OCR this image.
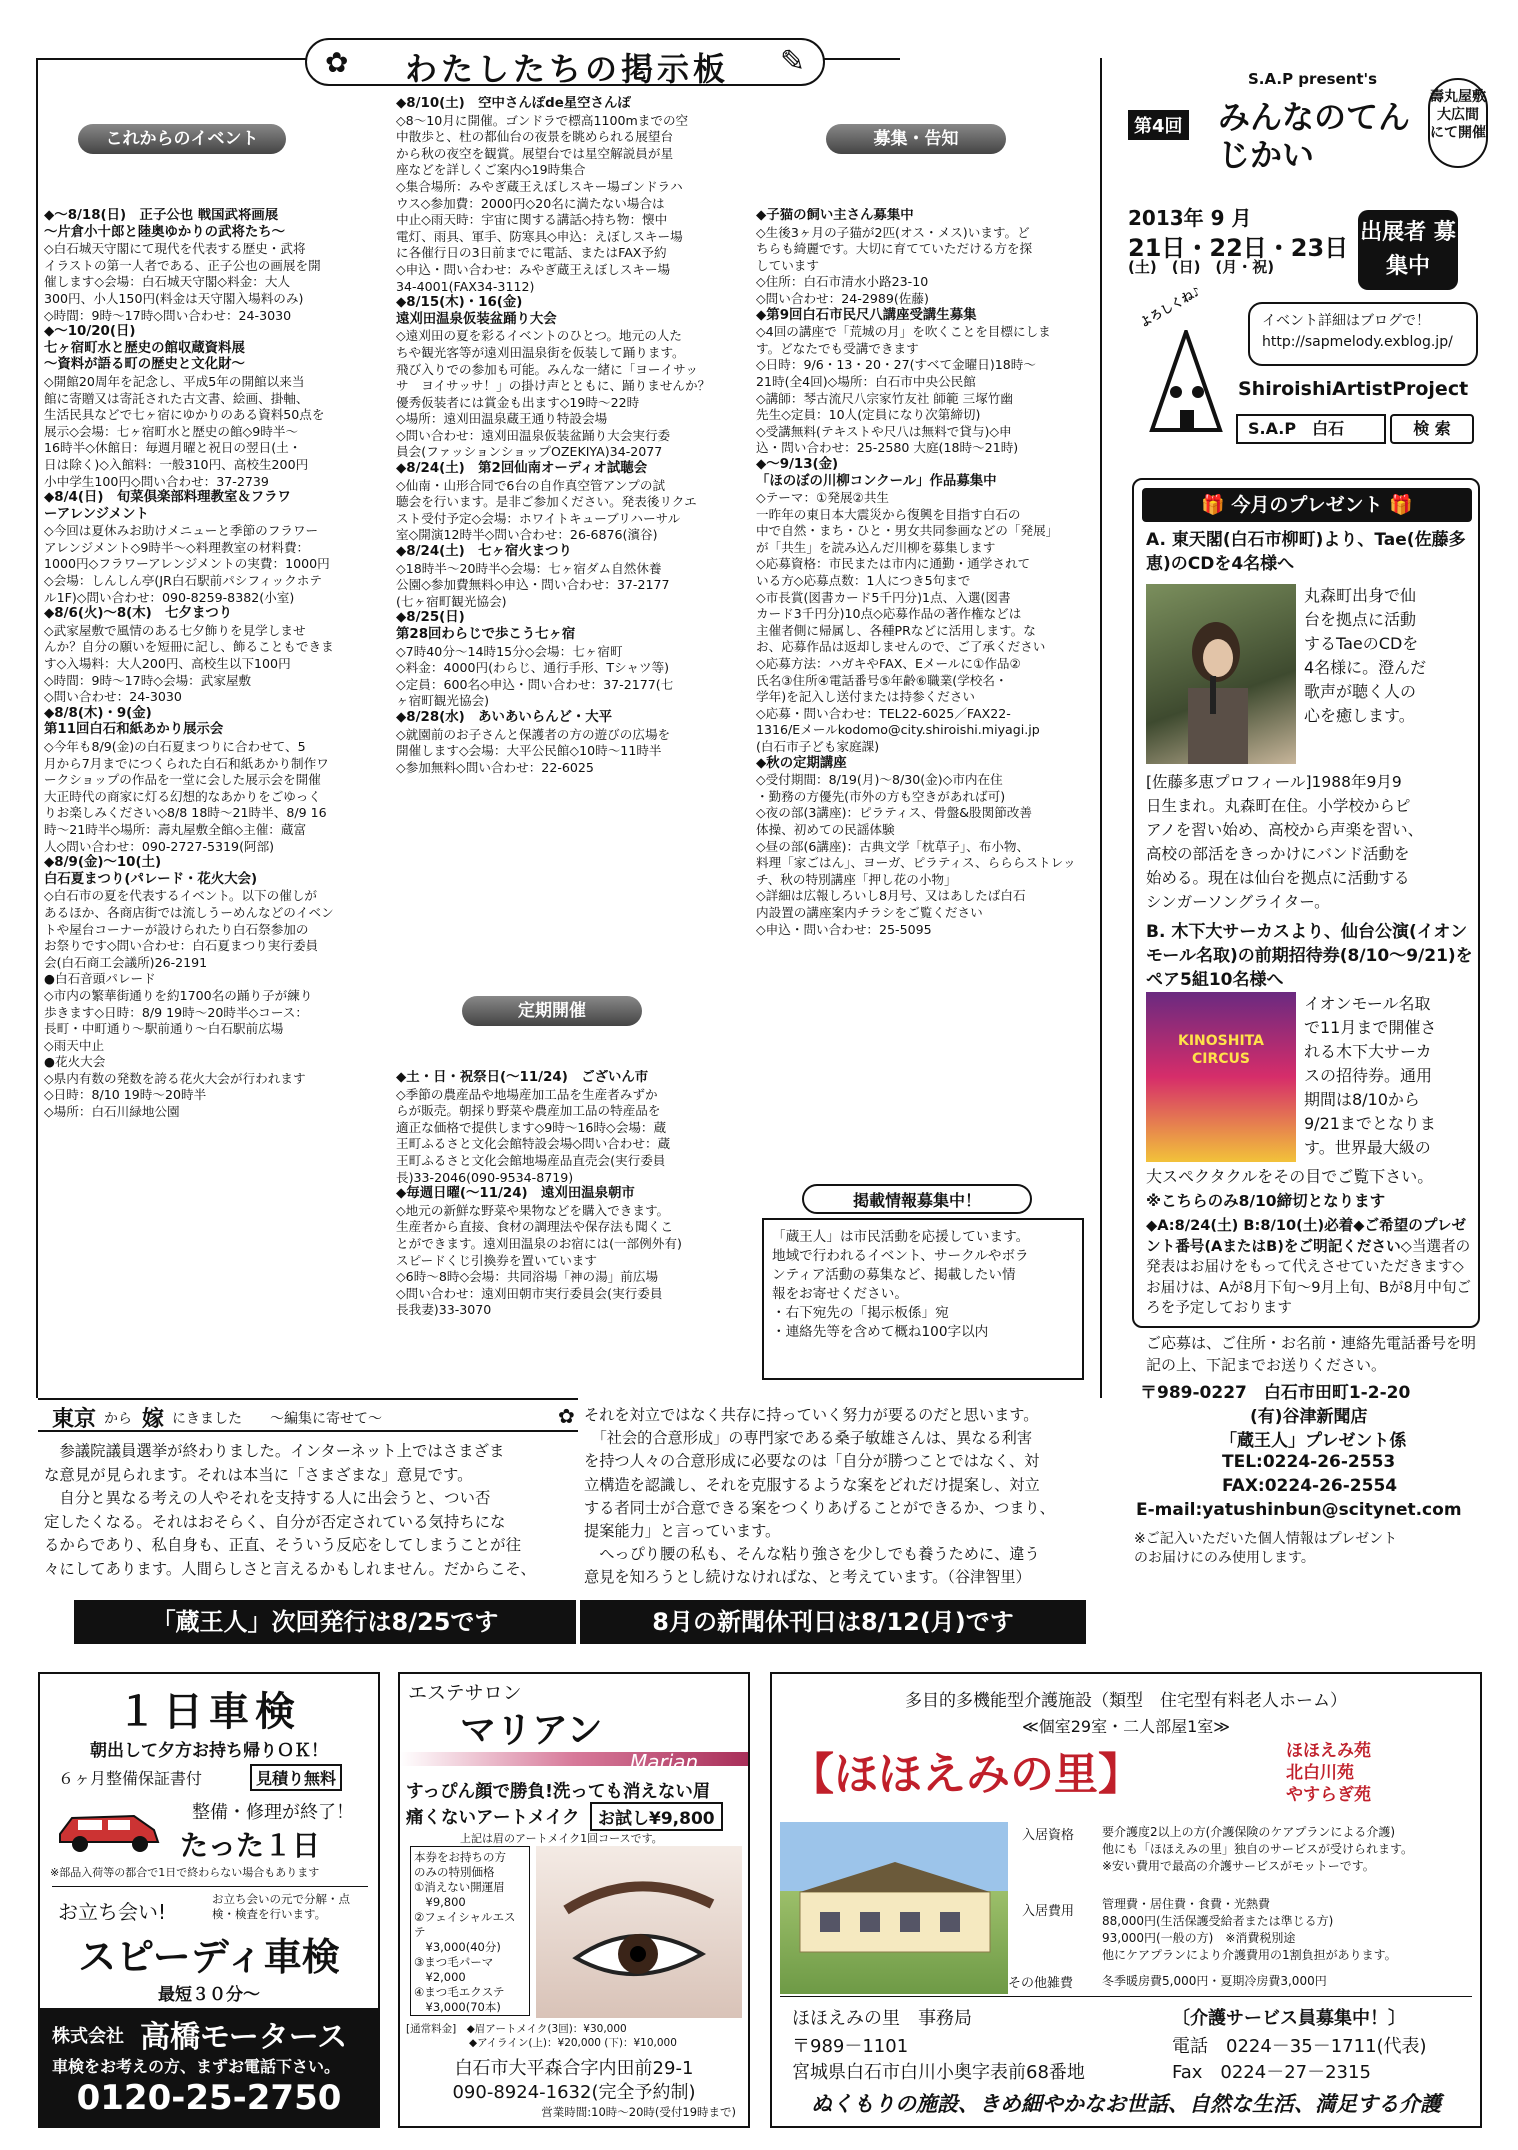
✿	わたしたちの掲示板	✎
これからのイベント	募集・告知
定期開催
掲載情報募集中！
◆～8/18(日)　正子公也 戦国武将画展
～片倉小十郎と陸奥ゆかりの武将たち～
◇白石城天守閣にて現代を代表する歴史・武将
イラストの第一人者である、正子公也の画展を開
催します◇会場：白石城天守閣◇料金：大人
300円、小人150円(料金は天守閣入場料のみ)
◇時間：9時～17時◇問い合わせ：24-3030
◆～10/20(日)
七ヶ宿町水と歴史の館収蔵資料展
～資料が語る町の歴史と文化財～
◇開館20周年を記念し、平成5年の開館以来当
館に寄贈又は寄託された古文書、絵画、掛軸、
生活民具などで七ヶ宿にゆかりのある資料50点を
展示◇会場：七ヶ宿町水と歴史の館◇9時半～
16時半◇休館日：毎週月曜と祝日の翌日(土・
日は除く)◇入館料：一般310円、高校生200円
小中学生100円◇問い合わせ：37-2739
◆8/4(日)　旬菜倶楽部料理教室＆フラワ
ーアレンジメント
◇今回は夏休みお助けメニューと季節のフラワー
アレンジメント◇9時半～◇料理教室の材料費：
1000円◇フラワーアレンジメントの実費：1000円
◇会場：しんしん亭(JR白石駅前パシフィックホテ
ル1F)◇問い合わせ：090-8259-8382(小室)
◆8/6(火)～8(木)　七夕まつり
◇武家屋敷で風情のある七夕飾りを見学しませ
んか？自分の願いを短冊に記し、飾ることもできま
す◇入場料：大人200円、高校生以下100円
◇時間：9時～17時◇会場：武家屋敷
◇問い合わせ：24-3030
◆8/8(木)・9(金)
第11回白石和紙あかり展示会
◇今年も8/9(金)の白石夏まつりに合わせて、5
月から7月までにつくられた白石和紙あかり制作ワ
ークショップの作品を一堂に会した展示会を開催
大正時代の商家に灯る幻想的なあかりをごゆっく
りお楽しみください◇8/8 18時～21時半、8/9 16
時～21時半◇場所：壽丸屋敷全館◇主催：蔵富
人◇問い合わせ：090-2727-5319(阿部)
◆8/9(金)～10(土)
白石夏まつり(パレード・花火大会)
◇白石市の夏を代表するイベント。以下の催しが
あるほか、各商店街では流しうーめんなどのイベン
トや屋台コーナーが設けられたり白石祭参加の
お祭りです◇問い合わせ：白石夏まつり実行委員
会(白石商工会議所)26-2191
●白石音頭パレード
◇市内の繁華街通りを約1700名の踊り子が練り
歩きます◇日時：8/9 19時～20時半◇コース：
長町・中町通り～駅前通り～白石駅前広場
◇雨天中止
●花火大会
◇県内有数の発数を誇る花火大会が行われます
◇日時：8/10 19時～20時半
◇場所：白石川緑地公園
◆8/10(土)　空中さんぽde星空さんぽ
◇8～10月に開催。ゴンドラで標高1100mまでの空
中散歩と、杜の都仙台の夜景を眺められる展望台
から秋の夜空を観賞。展望台では星空解説員が星
座などを詳しくご案内◇19時集合
◇集合場所：みやぎ蔵王えぼしスキー場ゴンドラハ
ウス◇参加費：2000円◇20名に満たない場合は
中止◇雨天時：宇宙に関する講話◇持ち物：懐中
電灯、雨具、軍手、防寒具◇申込：えぼしスキー場
に各催行日の3日前までに電話、またはFAX予約
◇申込・問い合わせ：みやぎ蔵王えぼしスキー場
34-4001(FAX34-3112)
◆8/15(木)・16(金)
遠刈田温泉仮装盆踊り大会
◇遠刈田の夏を彩るイベントのひとつ。地元の人た
ちや観光客等が遠刈田温泉街を仮装して踊ります。
飛び入りでの参加も可能。みんな一緒に「ヨーイサッ
サ　ヨイサッサ！」の掛け声とともに、踊りませんか？
優秀仮装者には賞金も出ます◇19時～22時
◇場所：遠刈田温泉蔵王通り特設会場
◇問い合わせ：遠刈田温泉仮装盆踊り大会実行委
員会(ファッションショップOZEKIYA)34-2077
◆8/24(土)　第2回仙南オーディオ試聴会
◇仙南・山形合同で6台の自作真空管アンプの試
聴会を行います。是非ご参加ください。発表後リクエ
スト受付予定◇会場：ホワイトキューブリハーサル
室◇開演12時半◇問い合わせ：26-6876(濱谷)
◆8/24(土)　七ヶ宿火まつり
◇18時半～20時半◇会場：七ヶ宿ダム自然休養
公園◇参加費無料◇申込・問い合わせ：37-2177
(七ヶ宿町観光協会)
◆8/25(日)
第28回わらじで歩こう七ヶ宿
◇7時40分～14時15分◇会場：七ヶ宿町
◇料金：4000円(わらじ、通行手形、Tシャツ等)
◇定員：600名◇申込・問い合わせ：37-2177(七
ヶ宿町観光協会)
◆8/28(水)　あいあいらんど・大平
◇就園前のお子さんと保護者の方の遊びの広場を
開催します◇会場：大平公民館◇10時～11時半
◇参加無料◇問い合わせ：22-6025
◆土・日・祝祭日(～11/24)　ございん市
◇季節の農産品や地場産加工品を生産者みずか
らが販売。朝採り野菜や農産加工品の特産品を
適正な価格で提供します◇9時～16時◇会場：蔵
王町ふるさと文化会館特設会場◇問い合わせ：蔵
王町ふるさと文化会館地場産品直売会(実行委員
長)33-2046(090-9534-8719)
◆毎週日曜(～11/24)　遠刈田温泉朝市
◇地元の新鮮な野菜や果物などを購入できます。
生産者から直接、食材の調理法や保存法も聞くこ
とができます。遠刈田温泉のお宿には(一部例外有)
スピードくじ引換券を置いています
◇6時～8時◇会場：共同浴場「神の湯」前広場
◇問い合わせ：遠刈田朝市実行委員会(実行委員
長我妻)33-3070
◆子猫の飼い主さん募集中
◇生後3ヶ月の子猫が2匹(オス・メス)います。ど
ちらも綺麗です。大切に育てていただける方を探
しています
◇住所：白石市清水小路23-10
◇問い合わせ：24-2989(佐藤)
◆第9回白石市民尺八講座受講生募集
◇4回の講座で「荒城の月」を吹くことを目標にしま
す。どなたでも受講できます
◇日時：9/6・13・20・27(すべて金曜日)18時～
21時(全4回)◇場所：白石市中央公民館
◇講師：琴古流尺八宗家竹友社 師範 三塚竹幽
先生◇定員：10人(定員になり次第締切)
◇受講無料(テキストや尺八は無料で貸与)◇申
込・問い合わせ：25-2580 大庭(18時～21時)
◆～9/13(金)
「ほのぼの川柳コンクール」作品募集中
◇テーマ：①発展②共生
一昨年の東日本大震災から復興を目指す白石の
中で自然・まち・ひと・男女共同参画などの「発展」
が「共生」を読み込んだ川柳を募集します
◇応募資格：市民または市内に通勤・通学されて
いる方◇応募点数：1人につき5句まで
◇市長賞(図書カード5千円分)1点、入選(図書
カード3千円分)10点◇応募作品の著作権などは
主催者側に帰属し、各種PRなどに活用します。な
お、応募作品は返却しませんので、ご了承ください
◇応募方法：ハガキやFAX、Eメールに①作品②
氏名③住所④電話番号⑤年齢⑥職業(学校名・
学年)を記入し送付または持参ください
◇応募・問い合わせ：TEL22-6025／FAX22-
1316/Eメールkodomo@city.shiroishi.miyagi.jp
(白石市子ども家庭課)
◆秋の定期講座
◇受付期間：8/19(月)～8/30(金)◇市内在住
・勤務の方優先(市外の方も空きがあれば可)
◇夜の部(3講座)：ピラティス、骨盤&股関節改善
体操、初めての民謡体験
◇昼の部(6講座)：古典文学「枕草子」、布小物、
料理「家ごはん」、ヨーガ、ピラティス、らららストレッ
チ、秋の特別講座「押し花の小物」
◇詳細は広報しろいし8月号、又はあしたば白石
内設置の講座案内チラシをご覧ください
◇申込・問い合わせ：25-5095
「蔵王人」は市民活動を応援しています。
地域で行われるイベント、サークルやボラ
ンティア活動の募集など、掲載したい情
報をお寄せください。
・右下宛先の「掲示板係」宛
・連絡先等を含めて概ね100字以内
S.A.P present's
第4回 みんなのてんじかい
壽丸屋敷 大広間 にて開催
2013年 9 月
21日・22日・23日
(土)　(日)　(月・祝)
出展者 募集中
イベント詳細はブログで！
http://sapmelody.exblog.jp/
よろしくね♪
ShiroishiArtistProject
S.A.P　白石	検 索
🎁 今月のプレゼント 🎁
A. 東天閣(白石市柳町)より、Tae(佐藤多恵)のCDを4名様へ
丸森町出身で仙
台を拠点に活動
するTaeのCDを
4名様に。澄んだ
歌声が聴く人の
心を癒します。
[佐藤多恵プロフィール]1988年9月9
日生まれ。丸森町在住。小学校からピ
アノを習い始め、高校から声楽を習い、
高校の部活をきっかけにバンド活動を
始める。現在は仙台を拠点に活動する
シンガーソングライター。
B. 木下大サーカスより、仙台公演(イオンモール名取)の前期招待券(8/10～9/21)をペア5組10名様へ
KINOSHITA
CIRCUS
イオンモール名取
で11月まで開催さ
れる木下大サーカ
スの招待券。通用
期間は8/10から
9/21までとなりま
す。世界最大級の
大スペクタクルをその目でご覧下さい。
※こちらのみ8/10締切となります
◆A:8/24(土) B:8/10(土)必着◆ご希望のプレゼント番号(AまたはB)をご明記ください◇当選者の発表はお届けをもって代えさせていただきます◇お届けは、Aが8月下旬～9月上旬、Bが8月中旬ごろを予定しております
ご応募は、ご住所・お名前・連絡先電話番号を明記の上、下記までお送りください。
〒989-0227　白石市田町1-2-20
(有)谷津新聞店
「蔵王人」プレゼント係
TEL:0224-26-2553
FAX:0224-26-2554
E-mail:yatushinbun@scitynet.com
※ご記入いただいた個人情報はプレゼント
のお届けにのみ使用します。
東京 から 嫁 にきました ～編集に寄せて～	✿
　参議院議員選挙が終わりました。インターネット上ではさまざま
な意見が見られます。それは本当に「さまざまな」意見です。
　自分と異なる考えの人やそれを支持する人に出会うと、つい否
定したくなる。それはおそらく、自分が否定されている気持ちにな
るからであり、私自身も、正直、そういう反応をしてしまうことが往
々にしてあります。人間らしさと言えるかもしれません。だからこそ、
それを対立ではなく共存に持っていく努力が要るのだと思います。
　「社会的合意形成」の専門家である桑子敏雄さんは、異なる利害
を持つ人々の合意形成に必要なのは「自分が勝つことではなく、対
立構造を認識し、それを克服するような案をどれだけ提案し、対立
する者同士が合意できる案をつくりあげることができるか、つまり、
提案能力」と言っています。
　へっぴり腰の私も、そんな粘り強さを少しでも養うために、違う
意見を知ろうとし続けなければな、と考えています。（谷津智里）
「蔵王人」次回発行は8/25です	8月の新聞休刊日は8/12(月)です
１日車検
朝出して夕方お持ち帰りＯＫ！
６ヶ月整備保証書付	見積り無料
整備・修理が終了！
たった１日
※部品入荷等の都合で1日で終わらない場合もあります
お立ち会い!
お立ち会いの元で分解・点検・検査を行います。
スピーディ車検
最短３０分～
株式会社 高橋モータース
車検をお考えの方、まずお電話下さい。
0120-25-2750
エステサロン
マリアン
Marian
すっぴん顔で勝負!洗っても消えない眉
痛くないアートメイク	お試し¥9,800
上記は眉のアートメイク1回コースです。
本券をお持ちの方
のみの特別価格
①消えない開運眉
　¥9,800
②フェイシャルエステ
　¥3,000(40分)
③まつ毛パーマ
　¥2,000
④まつ毛エクステ
　¥3,000(70本)
[通常料金]　◆眉アートメイク(3回)：¥30,000
　　　　　　◆アイライン(上)：¥20,000 (下)：¥10,000
白石市大平森合字内田前29-1
090-8924-1632(完全予約制)
営業時間:10時～20時(受付19時まで)
多目的多機能型介護施設（類型　住宅型有料老人ホーム）
≪個室29室・二人部屋1室≫
【ほほえみの里】	ほほえみ苑
北白川苑
やすらぎ苑
入居資格 要介護度2以上の方(介護保険のケアプランによる介護)
他にも「ほほえみの里」独自のサービスが受けられます。
※安い費用で最高の介護サービスがモットーです。
入居費用 管理費・居住費・食費・光熱費
88,000円(生活保護受給者または準じる方)
93,000円(一般の方)　※消費税別途
他にケアプランにより介護費用の1割負担があります。
その他雑費 冬季暖房費5,000円・夏期冷房費3,000円
ほほえみの里　事務局	〔介護サービス員募集中！〕
〒989－1101	電話　0224－35－1711(代表)
宮城県白石市白川小奥字表前68番地	Fax　0224－27－2315
ぬくもりの施設、きめ細やかなお世話、自然な生活、満足する介護
